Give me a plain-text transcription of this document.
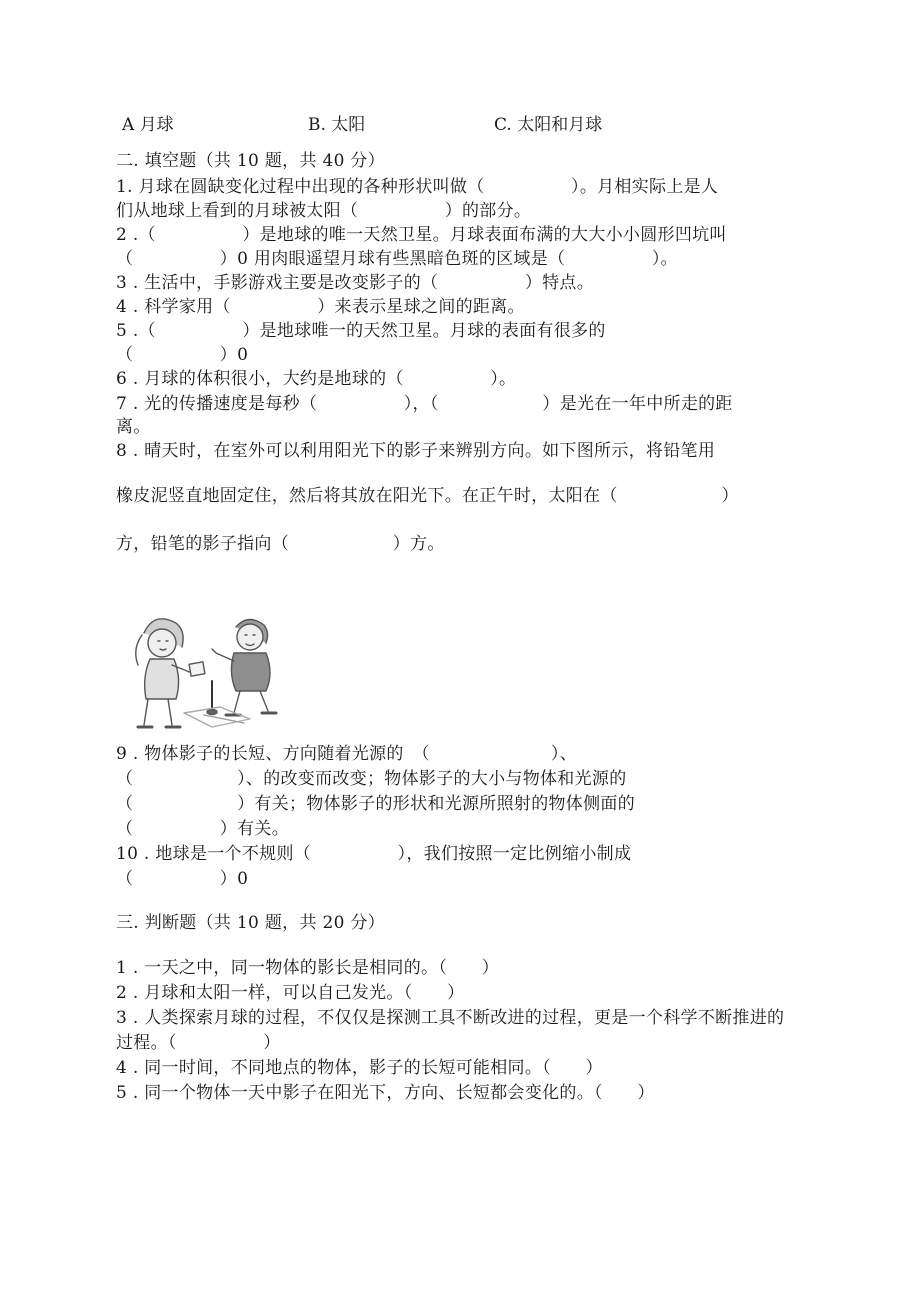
A 月球	B. 太阳	C. 太阳和月球
二. 填空题（共 10 题，共 40 分）
1. 月球在圆缺变化过程中出现的各种形状叫做（　　　　　）。月相实际上是人
们从地球上看到的月球被太阳（　　　　　）的部分。
2 .（　　　　　）是地球的唯一天然卫星。月球表面布满的大大小小圆形凹坑叫
（　　　　　）0 用肉眼遥望月球有些黑暗色斑的区域是（　　　　　）。
3 . 生活中，手影游戏主要是改变影子的（　　　　　）特点。
4 . 科学家用（　　　　　）来表示星球之间的距离。
5 .（　　　　　）是地球唯一的天然卫星。月球的表面有很多的
（　　　　　）0
6 . 月球的体积很小，大约是地球的（　　　　　）。
7 . 光的传播速度是每秒（　　　　　），（　　　　　　）是光在一年中所走的距
离。
8 . 晴天时，在室外可以利用阳光下的影子来辨别方向。如下图所示，将铅笔用
橡皮泥竖直地固定住，然后将其放在阳光下。在正午时，太阳在（　　　　　　）
方，铅笔的影子指向（　　　　　　）方。
9 . 物体影子的长短、方向随着光源的　（　　　　　　　）、
（　　　　　　）、的改变而改变；物体影子的大小与物体和光源的
（　　　　　　）有关；物体影子的形状和光源所照射的物体侧面的
（　　　　　）有关。
10 . 地球是一个不规则（　　　　　），我们按照一定比例缩小制成
（　　　　　）0
三. 判断题（共 10 题，共 20 分）
1 . 一天之中，同一物体的影长是相同的。（　　）
2 . 月球和太阳一样，可以自己发光。（　　）
3 . 人类探索月球的过程，不仅仅是探测工具不断改进的过程，更是一个科学不断推进的
过程。（　　　　　）
4 . 同一时间，不同地点的物体，影子的长短可能相同。（　　）
5 . 同一个物体一天中影子在阳光下，方向、长短都会变化的。（　　）
